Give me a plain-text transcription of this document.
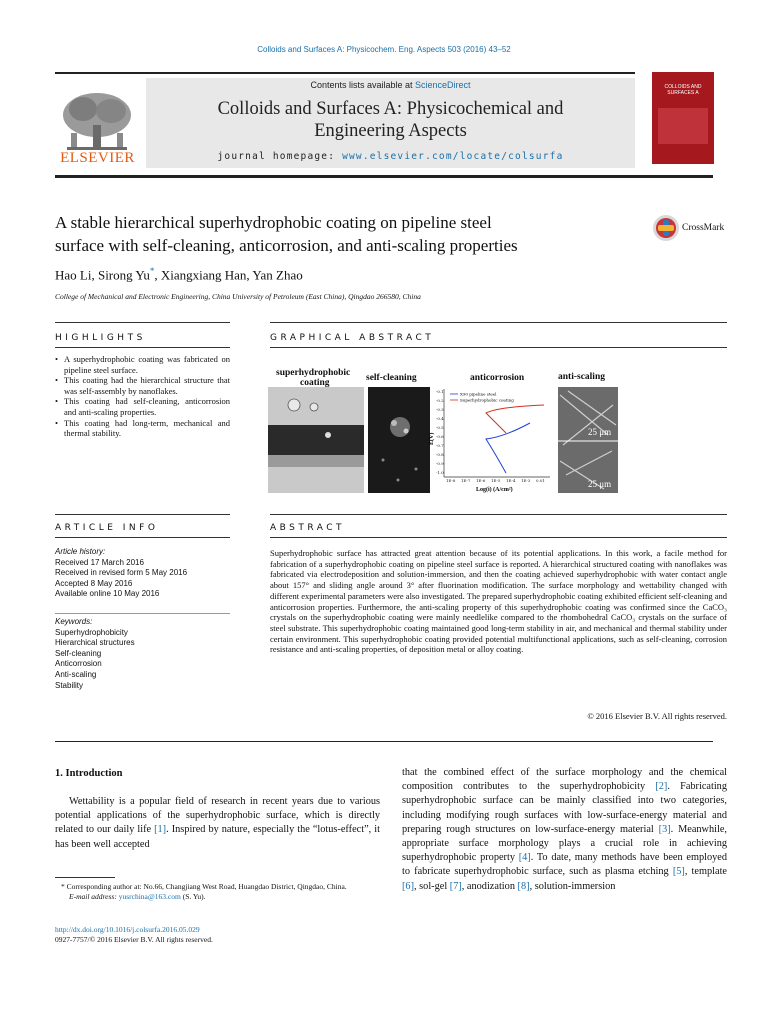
Colloids and Surfaces A: Physicochem. Eng. Aspects 503 (2016) 43–52
ELSEVIER
Contents lists available at ScienceDirect
Colloids and Surfaces A: Physicochemical and
Engineering Aspects
journal homepage: www.elsevier.com/locate/colsurfa
COLLOIDS AND SURFACES A
A stable hierarchical superhydrophobic coating on pipeline steel
surface with self-cleaning, anticorrosion, and anti-scaling properties
CrossMark
Hao Li, Sirong Yu*, Xiangxiang Han, Yan Zhao
College of Mechanical and Electronic Engineering, China University of Petroleum (East China), Qingdao 266580, China
HIGHLIGHTS
• A superhydrophobic coating was fabricated on pipeline steel surface.
• This coating had the hierarchical structure that was self-assembly by nanoflakes.
• This coating had self-cleaning, anticorrosion and anti-scaling properties.
• This coating had long-term, mechanical and thermal stability.
GRAPHICAL ABSTRACT
-0.1
-0.2
-0.3
-0.4
-0.5
-0.6
-0.7
-0.8
-0.9
-1.0
1E-8 1E-7 1E-6 1E-5 1E-4 1E-3 0.01
Log(i) (A/cm²)
E(V)
X90 pipeline steel
Superhydrophobic coating
25 μm
25 μm
superhydrophobic
coating	self-cleaning	anticorrosion	anti-scaling
ARTICLE INFO
Article history:
Received 17 March 2016
Received in revised form 5 May 2016
Accepted 8 May 2016
Available online 10 May 2016
Keywords:
Superhydrophobicity
Hierarchical structures
Self-cleaning
Anticorrosion
Anti-scaling
Stability
ABSTRACT
Superhydrophobic surface has attracted great attention because of its potential applications. In this work, a facile method for fabrication of a superhydrophobic coating on pipeline steel surface is reported. A hierarchical structured coating with nanoflakes was fabricated via electrodeposition and solution-immersion, and then the coating achieved superhydrophobic with water contact angle about 157° and sliding angle around 3° after fluorination modification. The surface morphology and wettability changed with different experimental parameters were also investigated. The prepared superhydrophobic coating exhibited efficient self-cleaning and anticorrosion properties. Furthermore, the anti-scaling property of this superhydrophobic coating was confirmed since the CaCO₃ crystals on the superhydrophobic coating were mainly needlelike compared to the rhombohedral CaCO₃ crystals on the surface of steel substrate. This superhydrophobic coating maintained good long-term stability in air, and mechanical and thermal stability under certain environment. This superhydrophobic coating provided potential multifunctional applications, such as self-cleaning, corrosion resistance and anti-scaling properties, of deposition metal or alloy coating.
© 2016 Elsevier B.V. All rights reserved.
1. Introduction
Wettability is a popular field of research in recent years due to various potential applications of the superhydrophobic surface, which is directly related to our daily life [1]. Inspired by nature, especially the “lotus-effect”, it has been well accepted
that the combined effect of the surface morphology and the chemical composition contributes to the superhydrophobicity [2]. Fabricating superhydrophobic surface can be mainly classified into two categories, including modifying rough surfaces with low-surface-energy material and preparing rough structures on low-surface-energy material [3]. Meanwhile, appropriate surface morphology plays a crucial role in achieving superhydrophobic property [4]. To date, many methods have been employed to fabricate superhydrophobic surface, such as plasma etching [5], template [6], sol-gel [7], anodization [8], solution-immersion
* Corresponding author at: No.66, Changjiang West Road, Huangdao District, Qingdao, China.
E-mail address: yusrchina@163.com (S. Yu).
http://dx.doi.org/10.1016/j.colsurfa.2016.05.029
0927-7757/© 2016 Elsevier B.V. All rights reserved.
